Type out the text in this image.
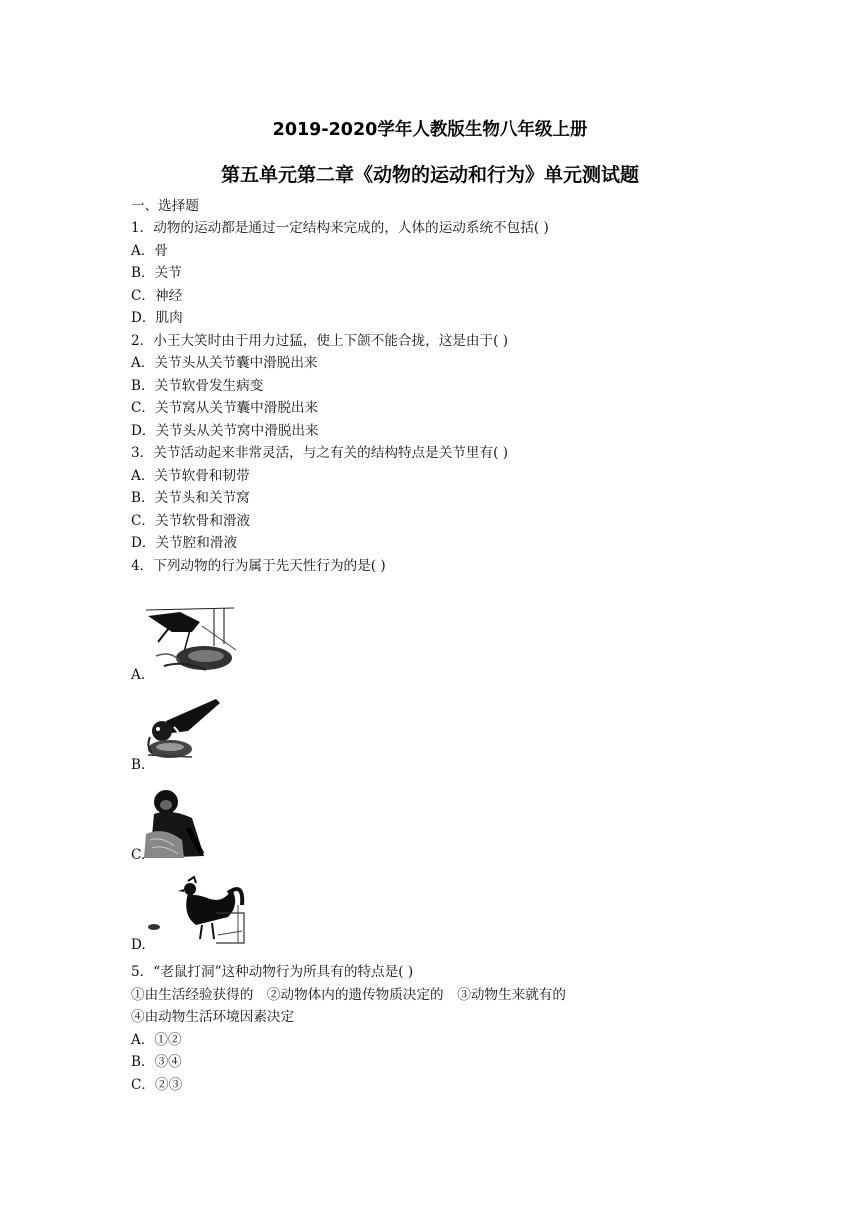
2019-2020学年人教版生物八年级上册
第五单元第二章《动物的运动和行为》单元测试题
一、选择题
1．动物的运动都是通过一定结构来完成的，人体的运动系统不包括( )
A．骨
B．关节
C．神经
D．肌肉
2．小王大笑时由于用力过猛，使上下颌不能合拢，这是由于( )
A．关节头从关节囊中滑脱出来
B．关节软骨发生病变
C．关节窝从关节囊中滑脱出来
D．关节头从关节窝中滑脱出来
3．关节活动起来非常灵活，与之有关的结构特点是关节里有( )
A．关节软骨和韧带
B．关节头和关节窝
C．关节软骨和滑液
D．关节腔和滑液
4．下列动物的行为属于先天性行为的是( )
A.
B.
C.
D.
5．“老鼠打洞”这种动物行为所具有的特点是( )
①由生活经验获得的　②动物体内的遗传物质决定的　③动物生来就有的
④由动物生活环境因素决定
A．①②
B．③④
C．②③
